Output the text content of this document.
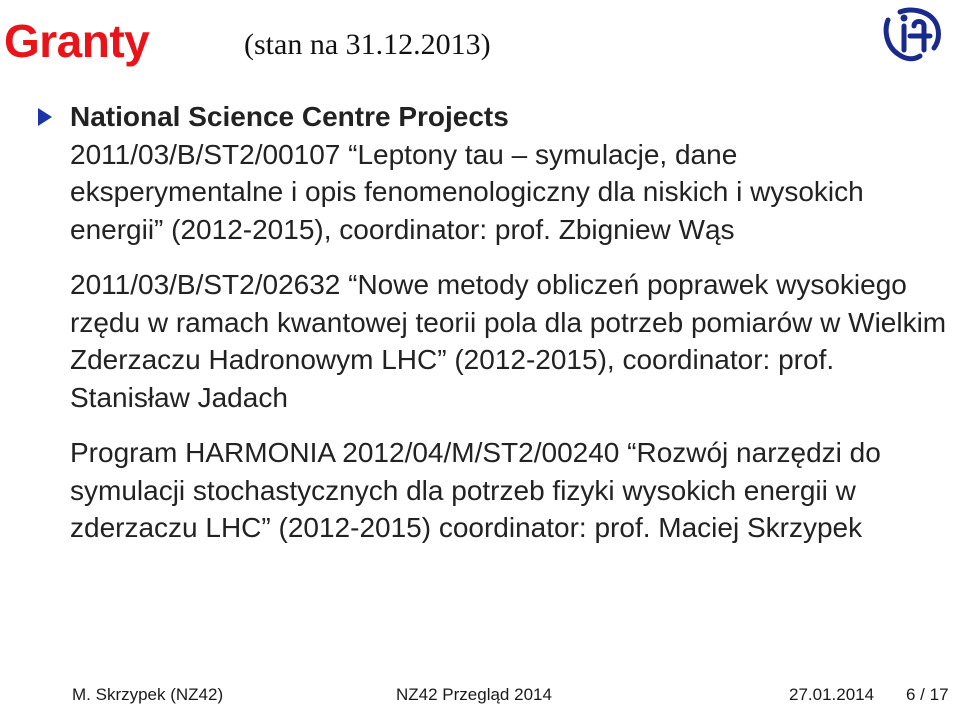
Granty	(stan na 31.12.2013)

National Science Centre Projects

2011/03/B/ST2/00107 “Leptony tau – symulacje, dane eksperymentalne i opis fenomenologiczny dla niskich i wysokich energii” (2012-2015), coordinator: prof. Zbigniew Wąs

2011/03/B/ST2/02632 “Nowe metody obliczeń poprawek wysokiego rzędu w ramach kwantowej teorii pola dla potrzeb pomiarów w Wielkim Zderzaczu Hadronowym LHC” (2012-2015), coordinator: prof. Stanisław Jadach

Program HARMONIA 2012/04/M/ST2/00240 “Rozwój narzędzi do symulacji stochastycznych dla potrzeb fizyki wysokich energii w zderzaczu LHC” (2012-2015) coordinator: prof. Maciej Skrzypek

M. Skrzypek (NZ42)	NZ42 Przegląd 2014	27.01.2014 6 / 17
